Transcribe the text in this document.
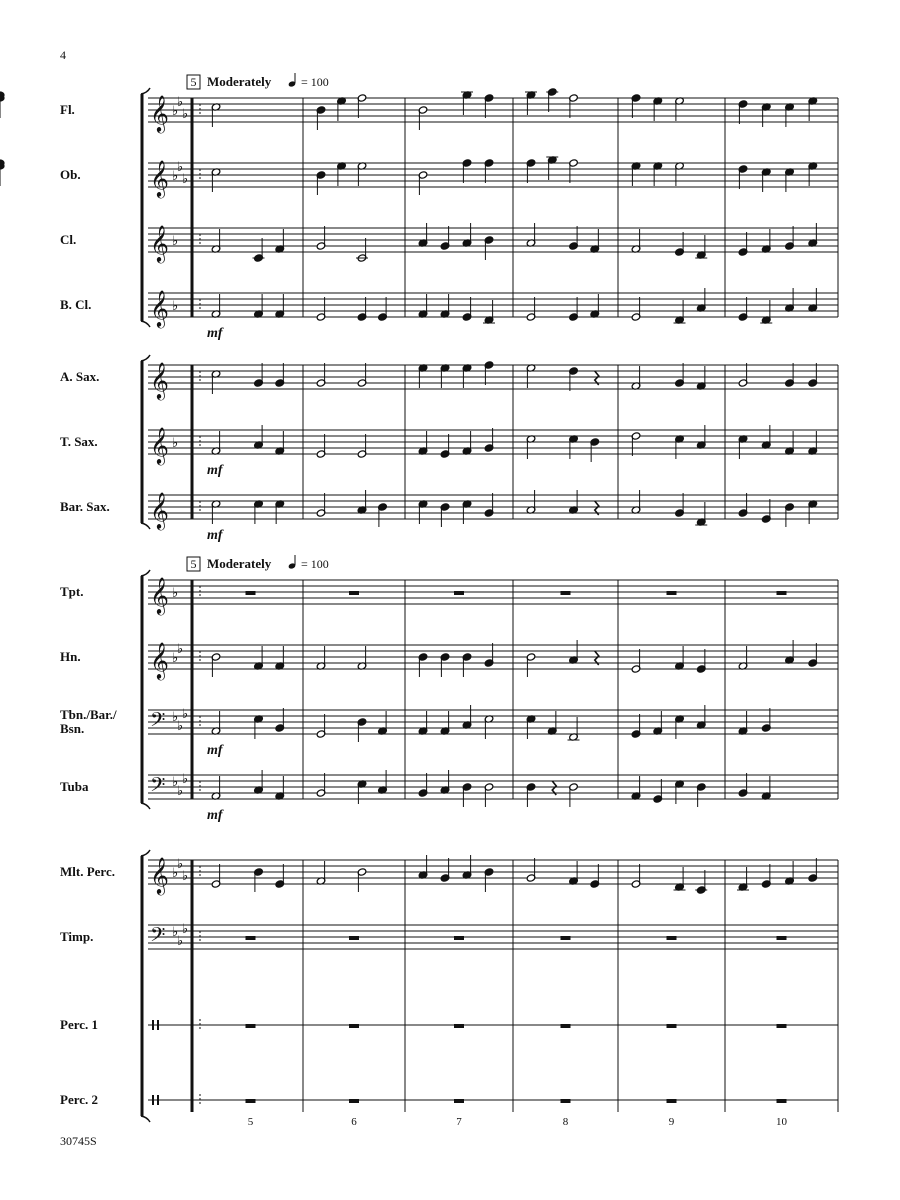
4
30745S
5 Moderately = 100
Fl. 𝄞 ♭
♭
♭
Ob. 𝄞 ♭
♭
♭
Cl. 𝄞 ♭
B. Cl. 𝄞 ♭
mf
A. Sax. 𝄞
T. Sax. 𝄞 ♭
mf
Bar. Sax. 𝄞
mf
5 Moderately = 100
Tpt. 𝄞 ♭
Hn. 𝄞 ♭
♭
Tbn./Bar./
Bsn.	𝄢 ♭
♭
♭
mf
Tuba	𝄢 ♭
♭
♭
mf
Mlt. Perc. 𝄞 ♭
♭
♭
Timp. 𝄢 ♭
♭
♭
Perc. 1
Perc. 2
5	6	7	8	9	10
